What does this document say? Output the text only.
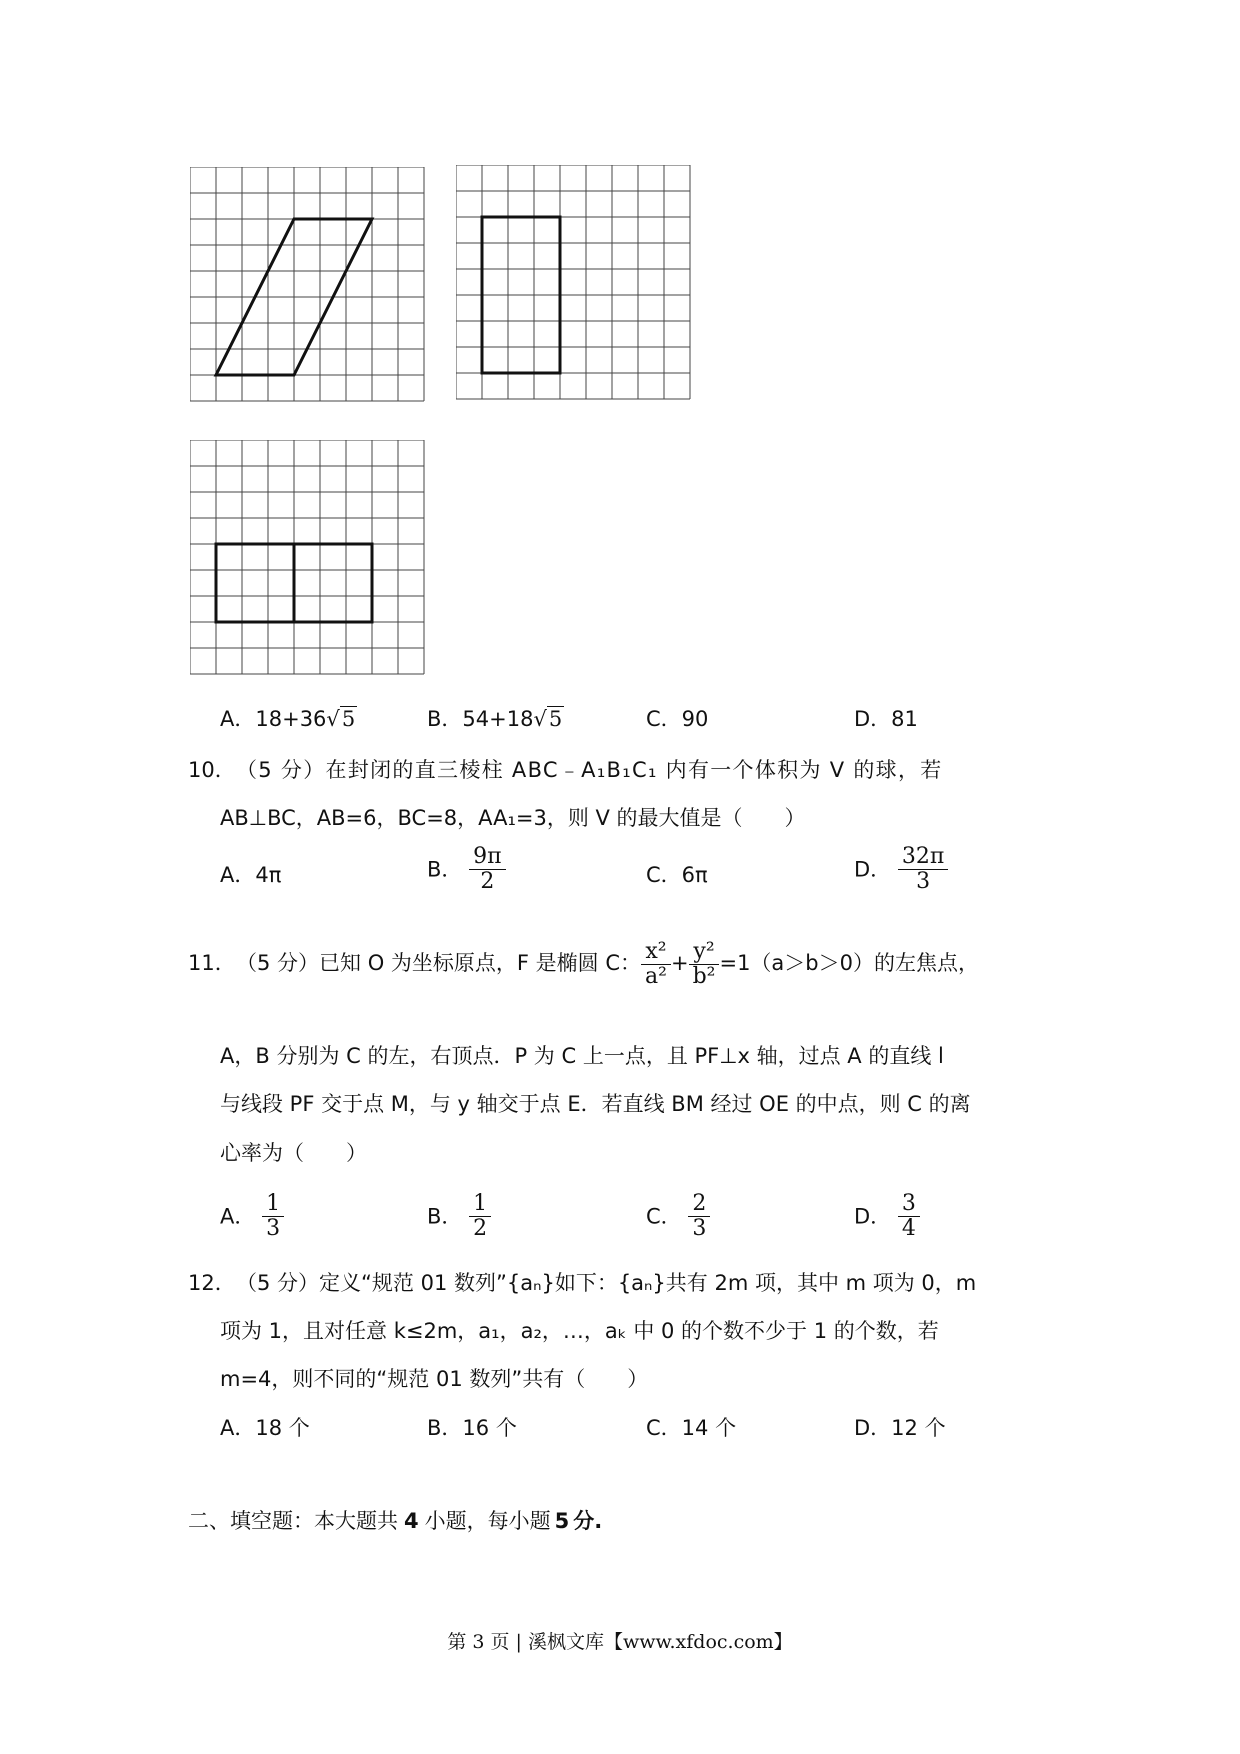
A．18+36√5	B．54+18√5	C．90	D．81
10． （5 分）在封闭的直三棱柱 ABC﹣A₁B₁C₁ 内有一个体积为 V 的球，若
AB⊥BC，AB=6，BC=8，AA₁=3，则 V 的最大值是（　　）
A．4π	B． $\frac{9\pi}{2}$	C．6π	D． $\frac{32\pi}{3}$
11． （5 分）已知 O 为坐标原点，F 是椭圆 C： $\frac{\text{x²}}{\text{a²}} + \frac{\text{y²}}{\text{b²}} =1(a>b>0)$的左焦点，
A，B 分别为 C 的左，右顶点．P 为 C 上一点，且 PF⊥x 轴，过点 A 的直线 l
与线段 PF 交于点 M，与 y 轴交于点 E．若直线 BM 经过 OE 的中点，则 C 的离
心率为（　　）
A． $\frac{1}{3}$	B． $\frac{1}{2}$	C． $\frac{2}{3}$	D． $\frac{3}{4}$
12． （5 分）定义“规范 01 数列”{aₙ}如下：{aₙ}共有 2m 项，其中 m 项为 0，m
项为 1，且对任意 k≤2m，a₁，a₂，…，aₖ 中 0 的个数不少于 1 的个数，若
m=4，则不同的“规范 01 数列”共有（　　）
A．18 个	B．16 个	C．14 个	D．12 个
二、填空题：本大题共 4 小题，每小题 5 分.
第 3 页 | 溪枫文库【www.xfdoc.com】
